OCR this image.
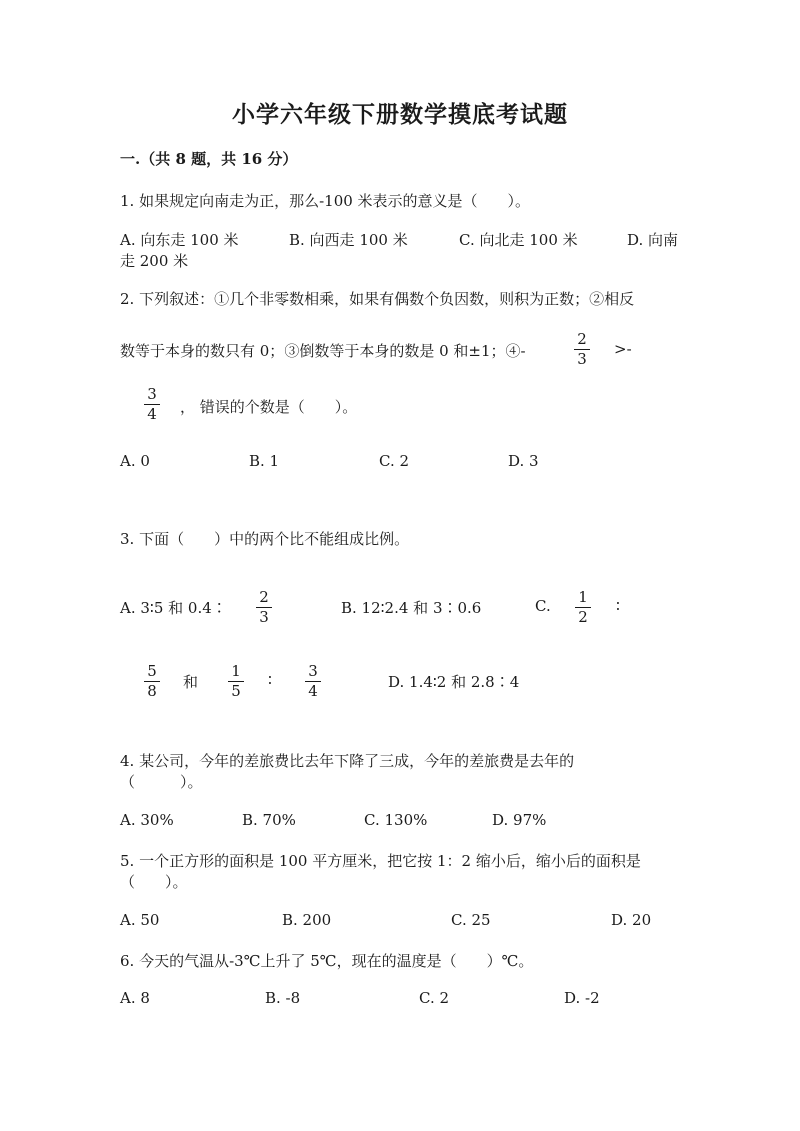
小学六年级下册数学摸底考试题
一.（共 8 题，共 16 分）
1. 如果规定向南走为正，那么-100 米表示的意义是（　　）。
A. 向东走 100 米	B. 向西走 100 米	C. 向北走 100 米	D. 向南
走 200 米
2. 下列叙述：①几个非零数相乘，如果有偶数个负因数，则积为正数；②相反
数等于本身的数只有 0；③倒数等于本身的数是 0 和±1；④-
2
3
>-
3
4 ， 错误的个数是（　　）。
A. 0	B. 1	C. 2	D. 3
3. 下面（　　）中的两个比不能组成比例。
A. 3∶5 和 0.4∶
2
3	B. 12∶2.4 和 3∶0.6	C. 1
2
∶
5
8 和
1
5
∶ 3
4	D. 1.4∶2 和 2.8∶4
4. 某公司，今年的差旅费比去年下降了三成，今年的差旅费是去年的
（　　　）。
A. 30%	B. 70%	C. 130%	D. 97%
5. 一个正方形的面积是 100 平方厘米，把它按 1：2 缩小后，缩小后的面积是
（　　）。
A. 50	B. 200	C. 25	D. 20
6. 今天的气温从-3℃上升了 5℃，现在的温度是（　　）℃。
A. 8	B. -8	C. 2	D. -2
